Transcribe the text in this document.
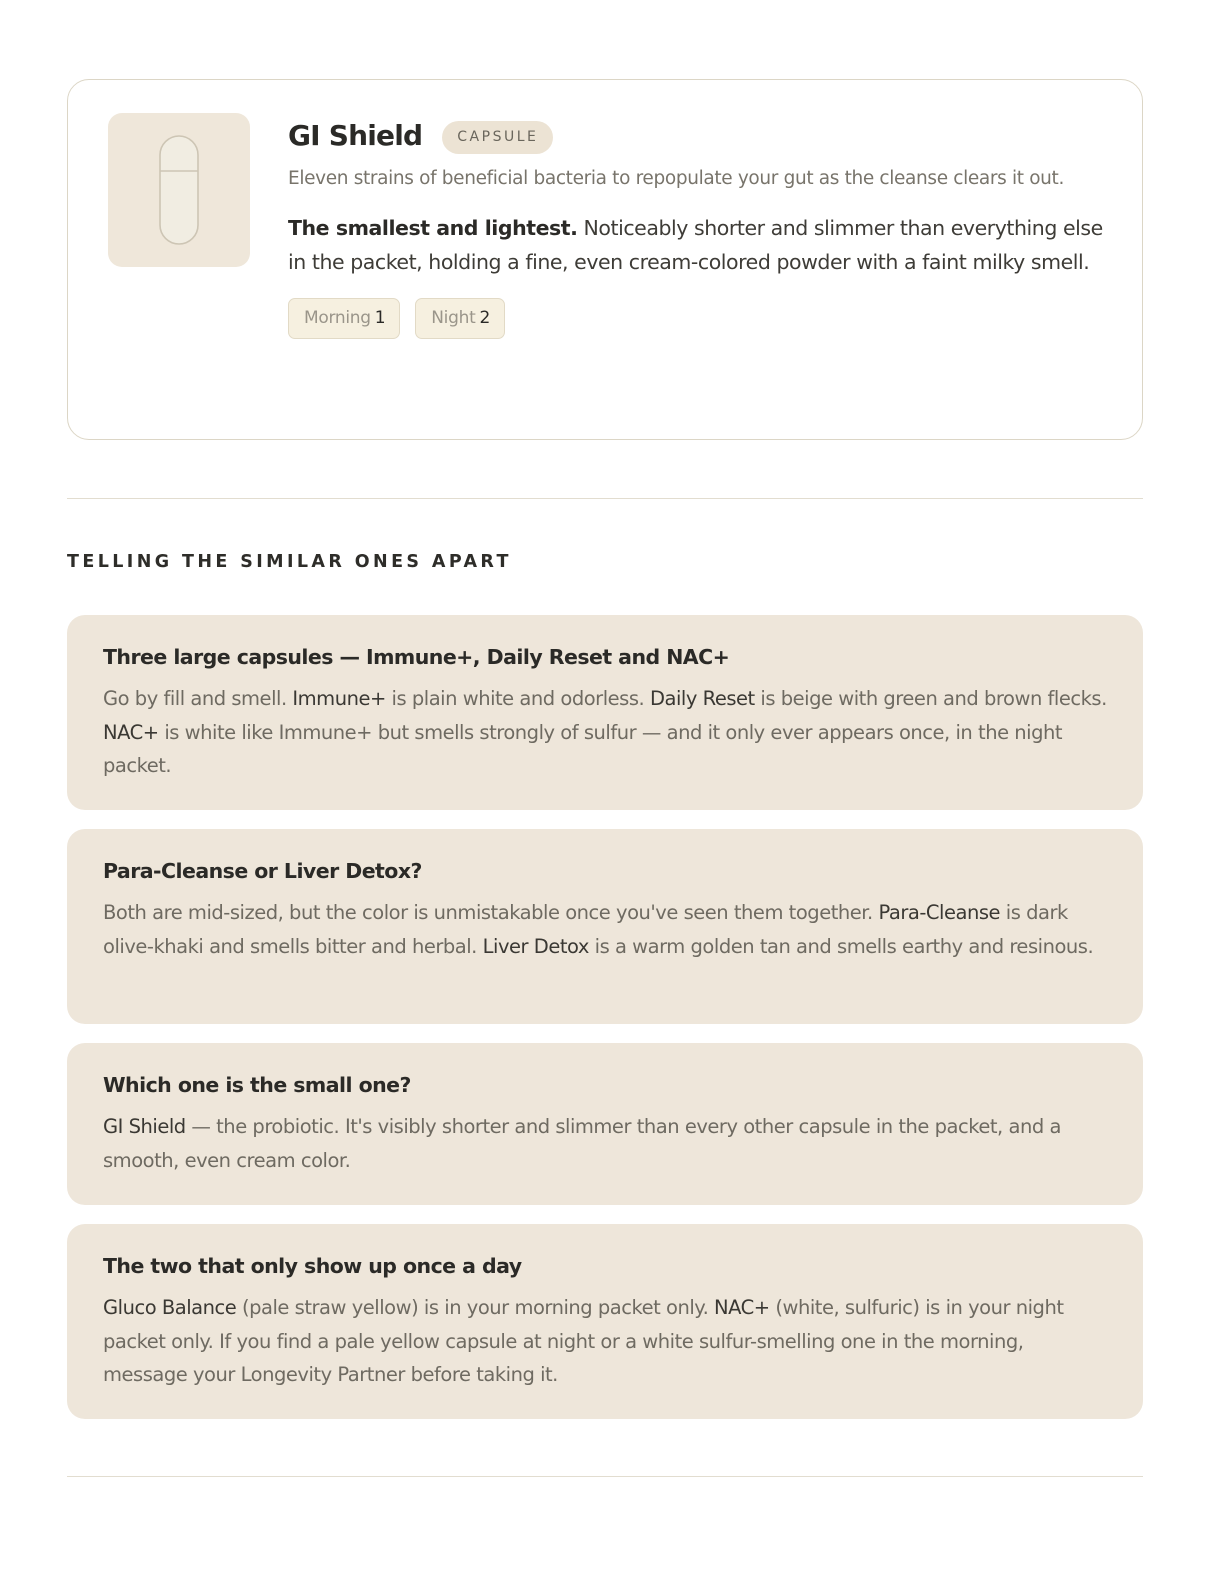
GI Shield	CAPSULE

Eleven strains of beneficial bacteria to repopulate your gut as the cleanse clears it out.

The smallest and lightest. Noticeably shorter and slimmer than everything else in the packet, holding a fine, even cream-colored powder with a faint milky smell.

Morning 1	Night 2
TELLING THE SIMILAR ONES APART
Three large capsules — Immune+, Daily Reset and NAC+

Go by fill and smell. Immune+ is plain white and odorless. Daily Reset is beige with green and brown flecks. NAC+ is white like Immune+ but smells strongly of sulfur — and it only ever appears once, in the night packet.

Para-Cleanse or Liver Detox?

Both are mid-sized, but the color is unmistakable once you've seen them together. Para-Cleanse is dark olive-khaki and smells bitter and herbal. Liver Detox is a warm golden tan and smells earthy and resinous.

Which one is the small one?

GI Shield — the probiotic. It's visibly shorter and slimmer than every other capsule in the packet, and a smooth, even cream color.

The two that only show up once a day

Gluco Balance (pale straw yellow) is in your morning packet only. NAC+ (white, sulfuric) is in your night packet only. If you find a pale yellow capsule at night or a white sulfur-smelling one in the morning, message your Longevity Partner before taking it.
